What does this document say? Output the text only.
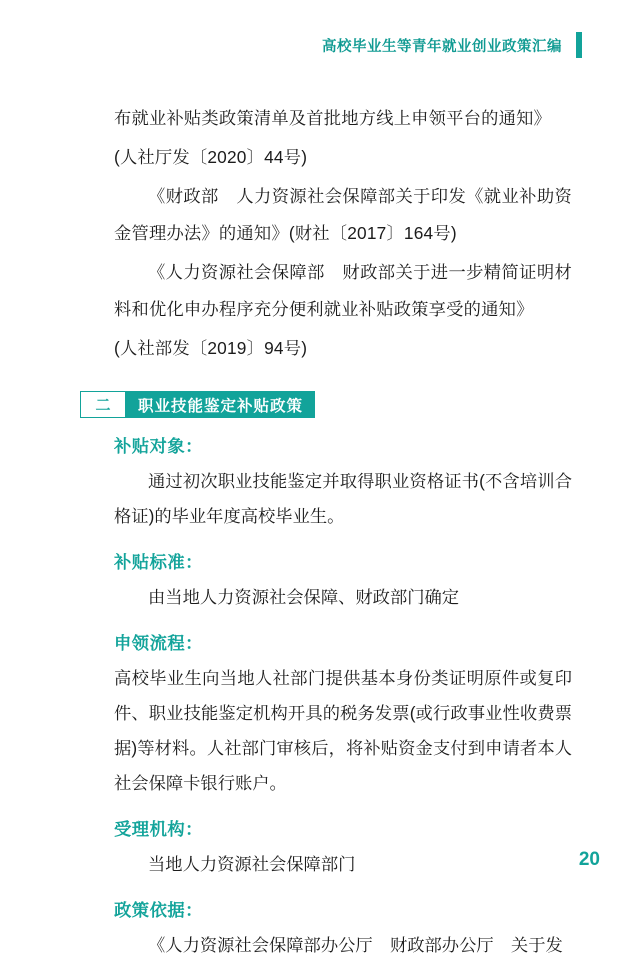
高校毕业生等青年就业创业政策汇编

布就业补贴类政策清单及首批地方线上申领平台的通知》

(人社厅发〔2020〕44号)

《财政部　人力资源社会保障部关于印发《就业补助资金管理办法》的通知》(财社〔2017〕164号)

《人力资源社会保障部　财政部关于进一步精简证明材料和优化申办程序充分便利就业补贴政策享受的通知》

(人社部发〔2019〕94号)

二	职业技能鉴定补贴政策
补贴对象：

通过初次职业技能鉴定并取得职业资格证书(不含培训合格证)的毕业年度高校毕业生。

补贴标准：

由当地人力资源社会保障、财政部门确定

申领流程：

高校毕业生向当地人社部门提供基本身份类证明原件或复印件、职业技能鉴定机构开具的税务发票(或行政事业性收费票据)等材料。人社部门审核后，将补贴资金支付到申请者本人社会保障卡银行账户。

受理机构：

当地人力资源社会保障部门

政策依据：

《人力资源社会保障部办公厅　财政部办公厅　关于发

20
